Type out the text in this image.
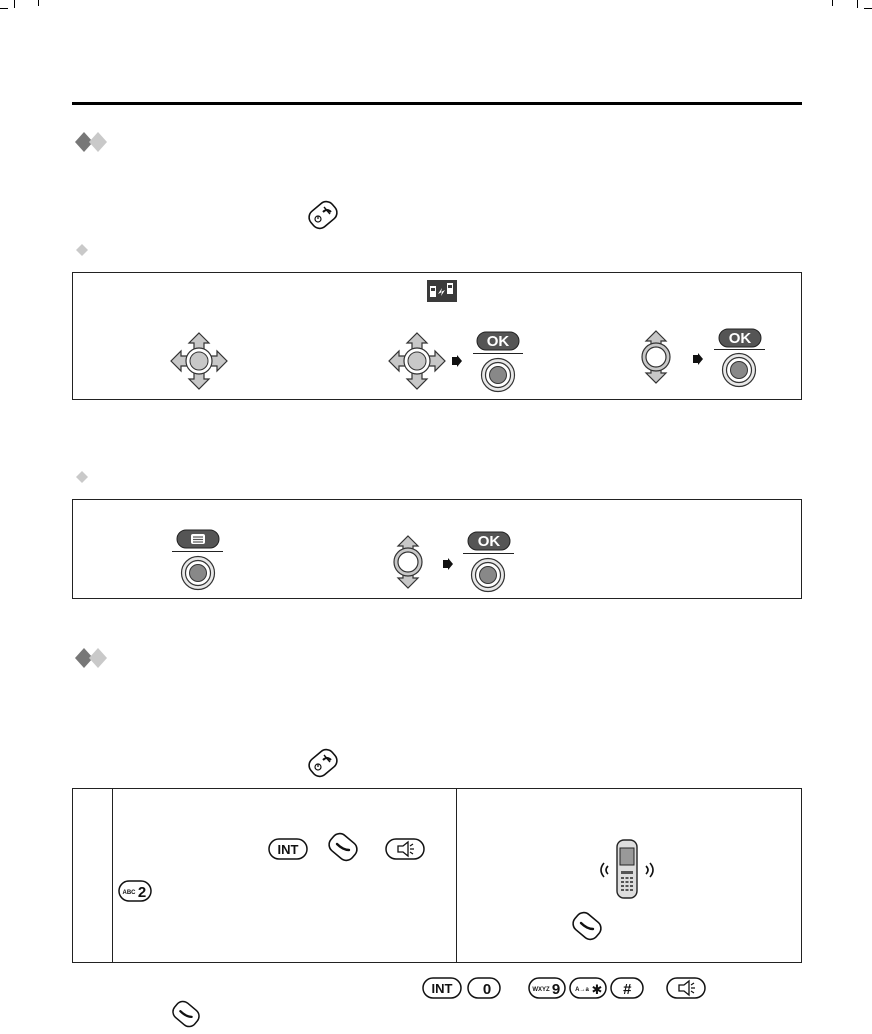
OK	OK
OK
INT
ABC 2
INT 0	WXYZ 9 A→a ✱ #
